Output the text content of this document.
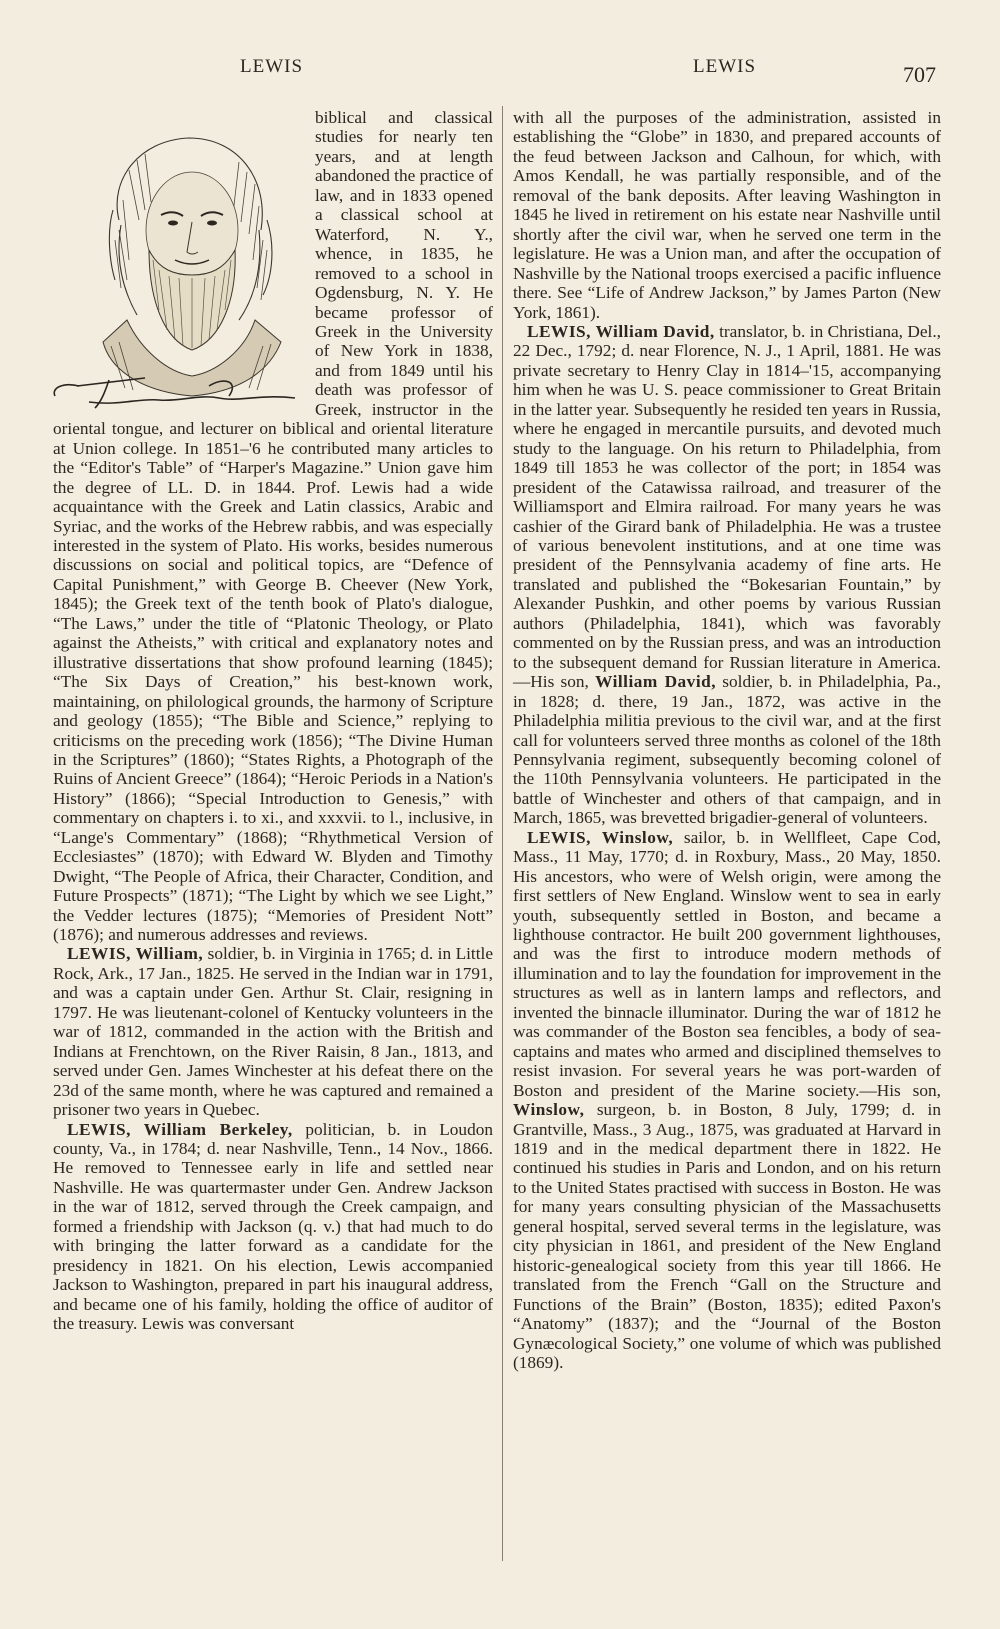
LEWIS	LEWIS	707

biblical and classical studies for nearly ten years, and at length abandoned the practice of law, and in 1833 opened a classical school at Waterford, N. Y., whence, in 1835, he removed to a school in Ogdensburg, N. Y. He became professor of Greek in the University of New York in 1838, and from 1849 until his death was professor of Greek, instructor in the oriental tongue, and lecturer on biblical and oriental literature at Union college. In 1851–'6 he contributed many articles to the “Editor's Table” of “Harper's Magazine.” Union gave him the degree of LL. D. in 1844. Prof. Lewis had a wide acquaintance with the Greek and Latin classics, Arabic and Syriac, and the works of the Hebrew rabbis, and was especially interested in the system of Plato. His works, besides numerous discussions on social and political topics, are “Defence of Capital Punishment,” with George B. Cheever (New York, 1845); the Greek text of the tenth book of Plato's dialogue, “The Laws,” under the title of “Platonic Theology, or Plato against the Atheists,” with critical and explanatory notes and illustrative dissertations that show profound learning (1845); “The Six Days of Creation,” his best-known work, maintaining, on philological grounds, the harmony of Scripture and geology (1855); “The Bible and Science,” replying to criticisms on the preceding work (1856); “The Divine Human in the Scriptures” (1860); “States Rights, a Photograph of the Ruins of Ancient Greece” (1864); “Heroic Periods in a Nation's History” (1866); “Special Introduction to Genesis,” with commentary on chapters i. to xi., and xxxvii. to l., inclusive, in “Lange's Commentary” (1868); “Rhythmetical Version of Ecclesiastes” (1870); with Edward W. Blyden and Timothy Dwight, “The People of Africa, their Character, Condition, and Future Prospects” (1871); “The Light by which we see Light,” the Vedder lectures (1875); “Memories of President Nott” (1876); and numerous addresses and reviews.

LEWIS, William, soldier, b. in Virginia in 1765; d. in Little Rock, Ark., 17 Jan., 1825. He served in the Indian war in 1791, and was a captain under Gen. Arthur St. Clair, resigning in 1797. He was lieutenant-colonel of Kentucky volunteers in the war of 1812, commanded in the action with the British and Indians at Frenchtown, on the River Raisin, 8 Jan., 1813, and served under Gen. James Winchester at his defeat there on the 23d of the same month, where he was captured and remained a prisoner two years in Quebec.

LEWIS, William Berkeley, politician, b. in Loudon county, Va., in 1784; d. near Nashville, Tenn., 14 Nov., 1866. He removed to Tennessee early in life and settled near Nashville. He was quartermaster under Gen. Andrew Jackson in the war of 1812, served through the Creek campaign, and formed a friendship with Jackson (q. v.) that had much to do with bringing the latter forward as a candidate for the presidency in 1821. On his election, Lewis accompanied Jackson to Washington, prepared in part his inaugural address, and became one of his family, holding the office of auditor of the treasury. Lewis was conversant

with all the purposes of the administration, assisted in establishing the “Globe” in 1830, and prepared accounts of the feud between Jackson and Calhoun, for which, with Amos Kendall, he was partially responsible, and of the removal of the bank deposits. After leaving Washington in 1845 he lived in retirement on his estate near Nashville until shortly after the civil war, when he served one term in the legislature. He was a Union man, and after the occupation of Nashville by the National troops exercised a pacific influence there. See “Life of Andrew Jackson,” by James Parton (New York, 1861).

LEWIS, William David, translator, b. in Christiana, Del., 22 Dec., 1792; d. near Florence, N. J., 1 April, 1881. He was private secretary to Henry Clay in 1814–'15, accompanying him when he was U. S. peace commissioner to Great Britain in the latter year. Subsequently he resided ten years in Russia, where he engaged in mercantile pursuits, and devoted much study to the language. On his return to Philadelphia, from 1849 till 1853 he was collector of the port; in 1854 was president of the Catawissa railroad, and treasurer of the Williamsport and Elmira railroad. For many years he was cashier of the Girard bank of Philadelphia. He was a trustee of various benevolent institutions, and at one time was president of the Pennsylvania academy of fine arts. He translated and published the “Bokesarian Fountain,” by Alexander Pushkin, and other poems by various Russian authors (Philadelphia, 1841), which was favorably commented on by the Russian press, and was an introduction to the subsequent demand for Russian literature in America.—His son, William David, soldier, b. in Philadelphia, Pa., in 1828; d. there, 19 Jan., 1872, was active in the Philadelphia militia previous to the civil war, and at the first call for volunteers served three months as colonel of the 18th Pennsylvania regiment, subsequently becoming colonel of the 110th Pennsylvania volunteers. He participated in the battle of Winchester and others of that campaign, and in March, 1865, was brevetted brigadier-general of volunteers.

LEWIS, Winslow, sailor, b. in Wellfleet, Cape Cod, Mass., 11 May, 1770; d. in Roxbury, Mass., 20 May, 1850. His ancestors, who were of Welsh origin, were among the first settlers of New England. Winslow went to sea in early youth, subsequently settled in Boston, and became a lighthouse contractor. He built 200 government lighthouses, and was the first to introduce modern methods of illumination and to lay the foundation for improvement in the structures as well as in lantern lamps and reflectors, and invented the binnacle illuminator. During the war of 1812 he was commander of the Boston sea fencibles, a body of sea-captains and mates who armed and disciplined themselves to resist invasion. For several years he was port-warden of Boston and president of the Marine society.—His son, Winslow, surgeon, b. in Boston, 8 July, 1799; d. in Grantville, Mass., 3 Aug., 1875, was graduated at Harvard in 1819 and in the medical department there in 1822. He continued his studies in Paris and London, and on his return to the United States practised with success in Boston. He was for many years consulting physician of the Massachusetts general hospital, served several terms in the legislature, was city physician in 1861, and president of the New England historic-genealogical society from this year till 1866. He translated from the French “Gall on the Structure and Functions of the Brain” (Boston, 1835); edited Paxon's “Anatomy” (1837); and the “Journal of the Boston Gynæcological Society,” one volume of which was published (1869).
